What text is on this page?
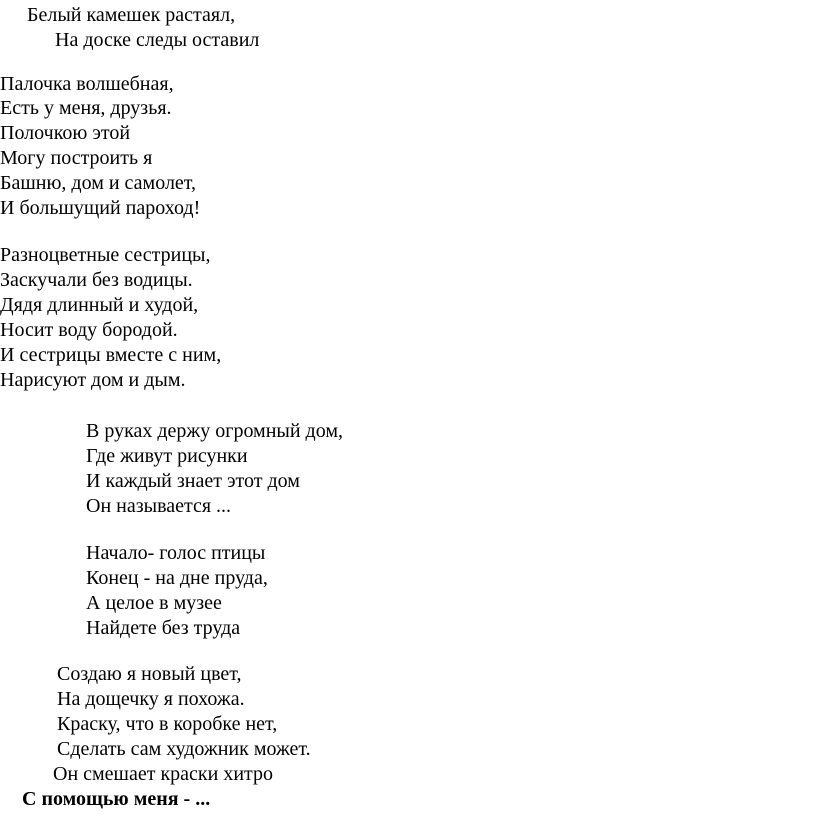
Белый камешек растаял,
На доске следы оставил
Палочка волшебная,
Есть у меня, друзья.
Полочкою этой
Могу построить я
Башню, дом и самолет,
И большущий пароход!
Разноцветные сестрицы,
Заскучали без водицы.
Дядя длинный и худой,
Носит воду бородой.
И сестрицы вместе с ним,
Нарисуют дом и дым.
В руках держу огромный дом,
Где живут рисунки
И каждый знает этот дом
Он называется ...
Начало- голос птицы
Конец - на дне пруда,
А целое в музее
Найдете без труда
Создаю я новый цвет,
На дощечку я похожа.
Краску, что в коробке нет,
Сделать сам художник может.
Он смешает краски хитро
С помощью меня - ...
